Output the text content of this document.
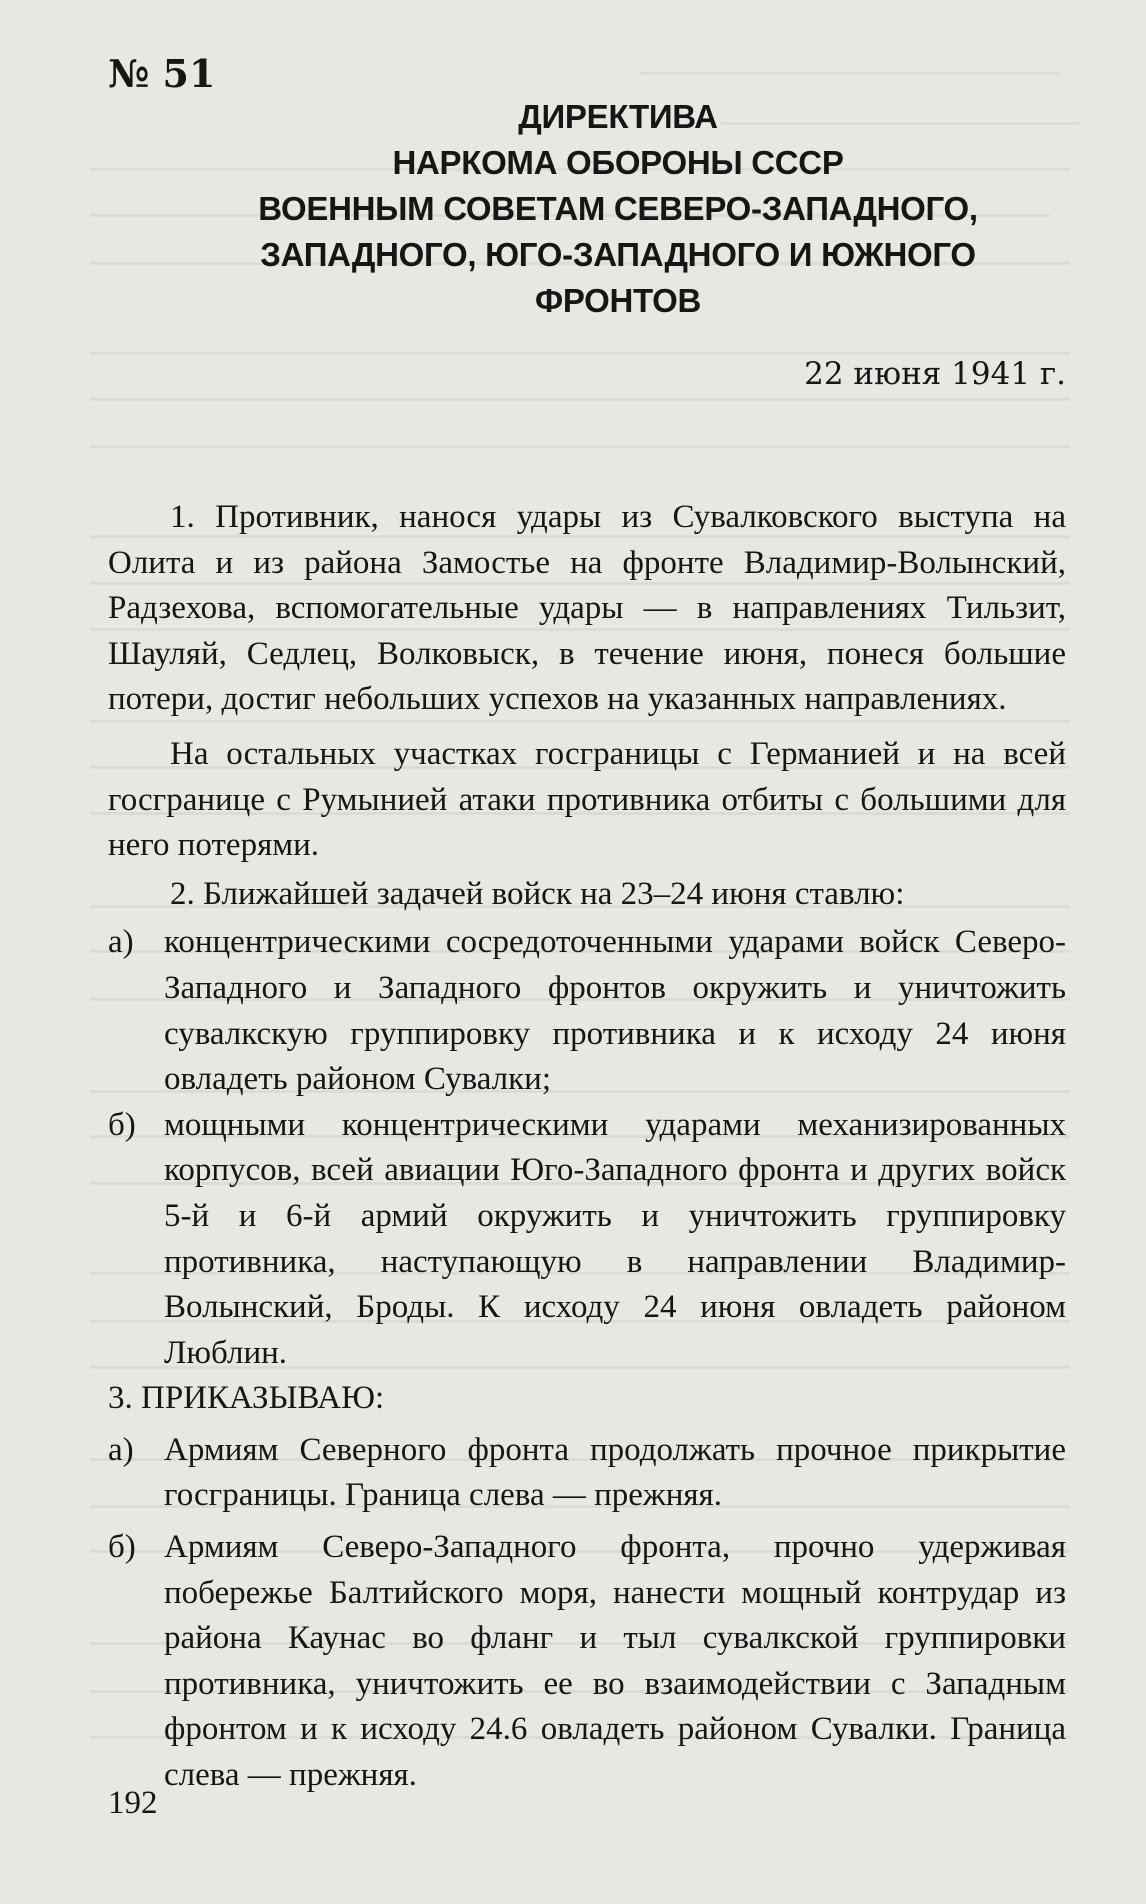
№ 51
ДИРЕКТИВА
НАРКОМА ОБОРОНЫ СССР
ВОЕННЫМ СОВЕТАМ СЕВЕРО-ЗАПАДНОГО,
ЗАПАДНОГО, ЮГО-ЗАПАДНОГО И ЮЖНОГО
ФРОНТОВ
22 июня 1941 г.

1. Противник, нанося удары из Сувалковского выступа на Олита и из района Замостье на фронте Владимир-Волынский, Радзехова, вспомогательные удары — в направлениях Тильзит, Шауляй, Седлец, Волковыск, в течение июня, понеся большие потери, достиг небольших успехов на указанных направлениях.

На остальных участках госграницы с Германией и на всей госгранице с Румынией атаки противника отбиты с большими для него потерями.

2. Ближайшей задачей войск на 23–24 июня ставлю:

а) концентрическими сосредоточенными ударами войск Северо-Западного и Западного фронтов окружить и уничтожить сувалкскую группировку противника и к исходу 24 июня овладеть районом Сувалки;
б) мощными концентрическими ударами механизированных корпусов, всей авиации Юго-Западного фронта и других войск 5-й и 6-й армий окружить и уничтожить группировку противника, наступающую в направлении Владимир-Волынский, Броды. К исходу 24 июня овладеть районом Люблин.

3. ПРИКАЗЫВАЮ:

а) Армиям Северного фронта продолжать прочное прикрытие госграницы. Граница слева — прежняя.
б) Армиям Северо-Западного фронта, прочно удерживая побережье Балтийского моря, нанести мощный контрудар из района Каунас во фланг и тыл сувалкской группировки противника, уничтожить ее во взаимодействии с Западным фронтом и к исходу 24.6 овладеть районом Сувалки. Граница слева — прежняя.
192
